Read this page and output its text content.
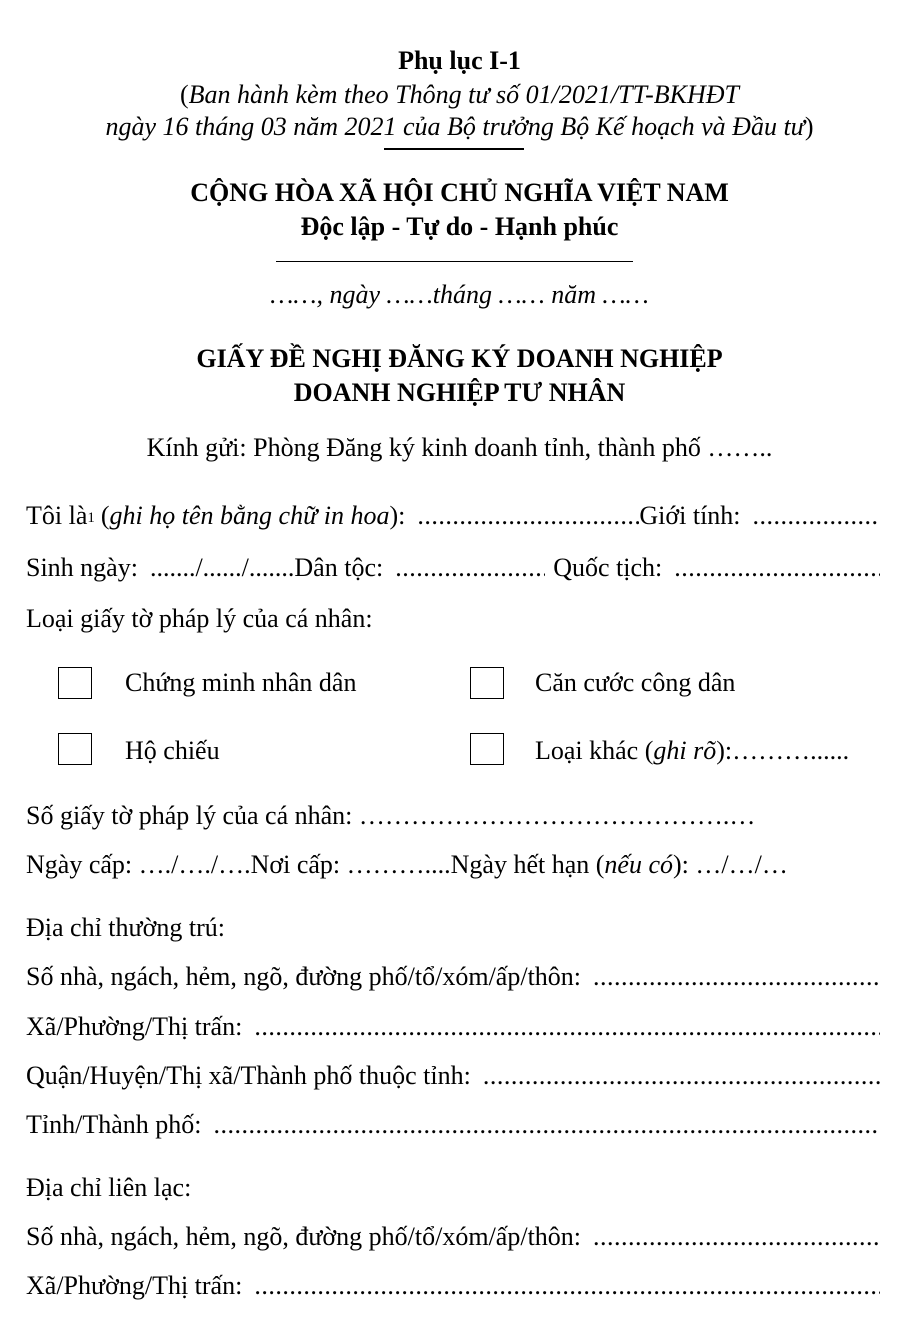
Phụ lục I-1
(Ban hành kèm theo Thông tư số 01/2021/TT-BKHĐT
ngày 16 tháng 03 năm 2021 của Bộ trưởng Bộ Kế hoạch và Đầu tư)
CỘNG HÒA XÃ HỘI CHỦ NGHĨA VIỆT NAM
Độc lập - Tự do - Hạnh phúc
……, ngày ……tháng …… năm ……
GIẤY ĐỀ NGHỊ ĐĂNG KÝ DOANH NGHIỆP
DOANH NGHIỆP TƯ NHÂN
Kính gửi: Phòng Đăng ký kinh doanh tỉnh, thành phố ……..
Tôi $là^1$ ( ghi họ tên bằng chữ in hoa ): .....	Giới tính:
.....
Sinh ngày: ......./....../....... Dân tộc: .....	Quốc tịch:
.....
Loại giấy tờ pháp lý của cá nhân:
Chứng minh nhân dân	Căn cước công dân
Hộ chiếu	Loại khác (ghi rõ):………......
Số giấy tờ pháp lý của cá nhân: …………………………………….…
Ngày cấp: …./…./….Nơi cấp: ………....Ngày hết hạn (nếu có): …/…/…
Địa chỉ thường trú:
Số nhà, ngách, hẻm, ngõ, đường phố/tổ/xóm/ấp/thôn:
.....
Xã/Phường/Thị trấn:
.....
Quận/Huyện/Thị xã/Thành phố thuộc tỉnh:
.....
Tỉnh/Thành phố:
.....
Địa chỉ liên lạc:
Số nhà, ngách, hẻm, ngõ, đường phố/tổ/xóm/ấp/thôn:
.....
Xã/Phường/Thị trấn:
.....
